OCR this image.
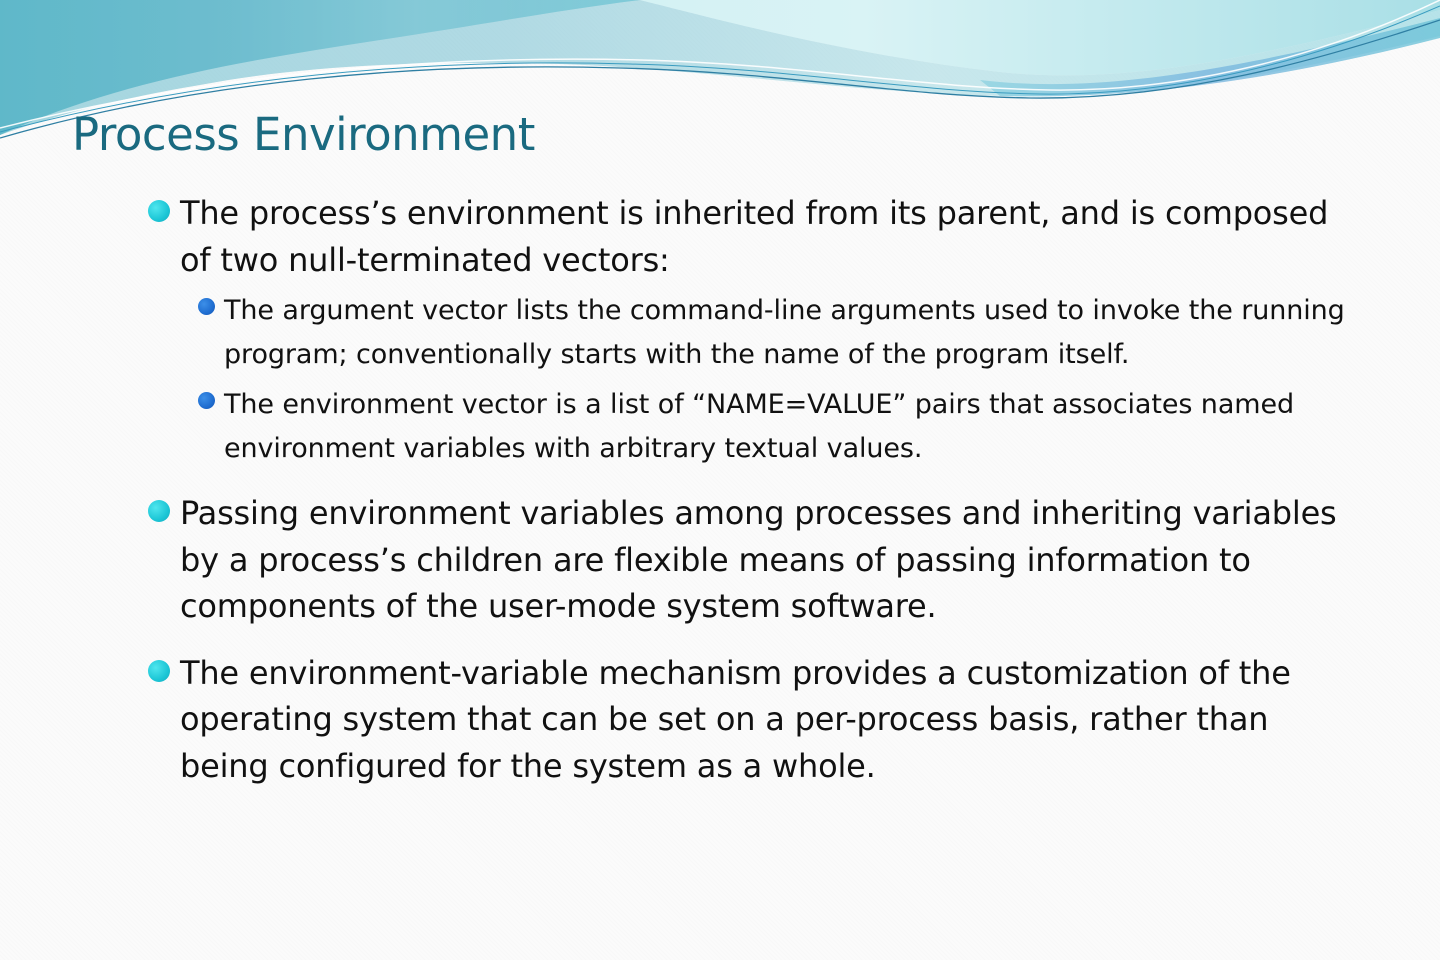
Process Environment
The process’s environment is inherited from its parent, and is composed of two null-terminated vectors:
The argument vector lists the command-line arguments used to invoke the running program; conventionally starts with the name of the program itself.
The environment vector is a list of “NAME=VALUE” pairs that associates named environment variables with arbitrary textual values.
Passing environment variables among processes and inheriting variables by a process’s children are flexible means of passing information to components of the user-mode system software.
The environment-variable mechanism provides a customization of the operating system that can be set on a per-process basis, rather than being configured for the system as a whole.
